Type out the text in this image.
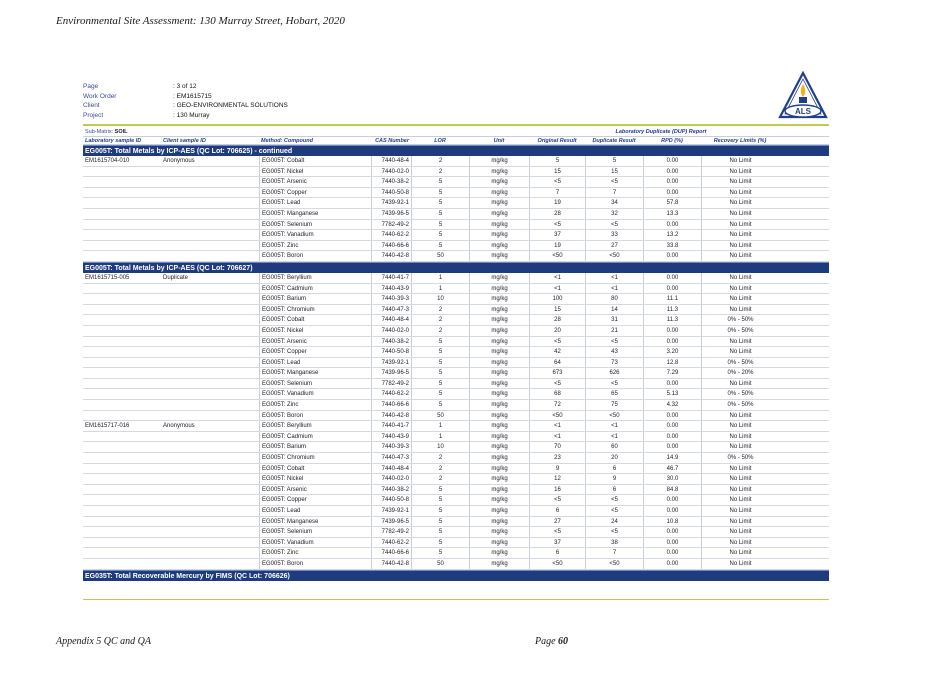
Environmental Site Assessment: 130 Murray Street, Hobart, 2020
Page	: 3 of 12
Work Order	: EM1615715
Client	: GEO-ENVIRONMENTAL SOLUTIONS
Project	: 130 Murray	ALS
Sub-Matrix: SOIL	Laboratory Duplicate (DUP) Report
Laboratory sample ID	Client sample ID	Method: Compound	CAS Number	LOR	Unit	Original Result	Duplicate Result	RPD (%)	Recovery Limits (%)
EG005T: Total Metals by ICP-AES (QC Lot: 706625) - continued
EM1615704-010	Anonymous	EG005T: Cobalt	7440-48-4	2	mg/kg	5	5	0.00	No Limit
EG005T: Nickel	7440-02-0	2	mg/kg	15	15	0.00	No Limit
EG005T: Arsenic	7440-38-2	5	mg/kg	<5	<5	0.00	No Limit
EG005T: Copper	7440-50-8	5	mg/kg	7	7	0.00	No Limit
EG005T: Lead	7439-92-1	5	mg/kg	19	34	57.8	No Limit
EG005T: Manganese	7439-96-5	5	mg/kg	28	32	13.3	No Limit
EG005T: Selenium	7782-49-2	5	mg/kg	<5	<5	0.00	No Limit
EG005T: Vanadium	7440-62-2	5	mg/kg	37	33	13.2	No Limit
EG005T: Zinc	7440-66-6	5	mg/kg	19	27	33.8	No Limit
EG005T: Boron	7440-42-8	50	mg/kg	<50	<50	0.00	No Limit
EG005T: Total Metals by ICP-AES (QC Lot: 706627)
EM1615715-005	Duplicate	EG005T: Beryllium	7440-41-7	1	mg/kg	<1	<1	0.00	No Limit
EG005T: Cadmium	7440-43-9	1	mg/kg	<1	<1	0.00	No Limit
EG005T: Barium	7440-39-3	10	mg/kg	100	80	11.1	No Limit
EG005T: Chromium	7440-47-3	2	mg/kg	15	14	11.3	No Limit
EG005T: Cobalt	7440-48-4	2	mg/kg	28	31	11.3	0% - 50%
EG005T: Nickel	7440-02-0	2	mg/kg	20	21	0.00	0% - 50%
EG005T: Arsenic	7440-38-2	5	mg/kg	<5	<5	0.00	No Limit
EG005T: Copper	7440-50-8	5	mg/kg	42	43	3.20	No Limit
EG005T: Lead	7439-92-1	5	mg/kg	64	73	12.8	0% - 50%
EG005T: Manganese	7439-96-5	5	mg/kg	673	626	7.29	0% - 20%
EG005T: Selenium	7782-49-2	5	mg/kg	<5	<5	0.00	No Limit
EG005T: Vanadium	7440-62-2	5	mg/kg	68	65	5.13	0% - 50%
EG005T: Zinc	7440-66-6	5	mg/kg	72	75	4.32	0% - 50%
EG005T: Boron	7440-42-8	50	mg/kg	<50	<50	0.00	No Limit
EM1615717-016	Anonymous	EG005T: Beryllium	7440-41-7	1	mg/kg	<1	<1	0.00	No Limit
EG005T: Cadmium	7440-43-9	1	mg/kg	<1	<1	0.00	No Limit
EG005T: Barium	7440-39-3	10	mg/kg	70	60	0.00	No Limit
EG005T: Chromium	7440-47-3	2	mg/kg	23	20	14.9	0% - 50%
EG005T: Cobalt	7440-48-4	2	mg/kg	9	6	46.7	No Limit
EG005T: Nickel	7440-02-0	2	mg/kg	12	9	30.0	No Limit
EG005T: Arsenic	7440-38-2	5	mg/kg	16	6	84.8	No Limit
EG005T: Copper	7440-50-8	5	mg/kg	<5	<5	0.00	No Limit
EG005T: Lead	7439-92-1	5	mg/kg	6	<5	0.00	No Limit
EG005T: Manganese	7439-96-5	5	mg/kg	27	24	10.8	No Limit
EG005T: Selenium	7782-49-2	5	mg/kg	<5	<5	0.00	No Limit
EG005T: Vanadium	7440-62-2	5	mg/kg	37	38	0.00	No Limit
EG005T: Zinc	7440-66-6	5	mg/kg	6	7	0.00	No Limit
EG005T: Boron	7440-42-8	50	mg/kg	<50	<50	0.00	No Limit
EG035T: Total Recoverable Mercury by FIMS (QC Lot: 706626)
Appendix 5 QC and QA	Page 60
